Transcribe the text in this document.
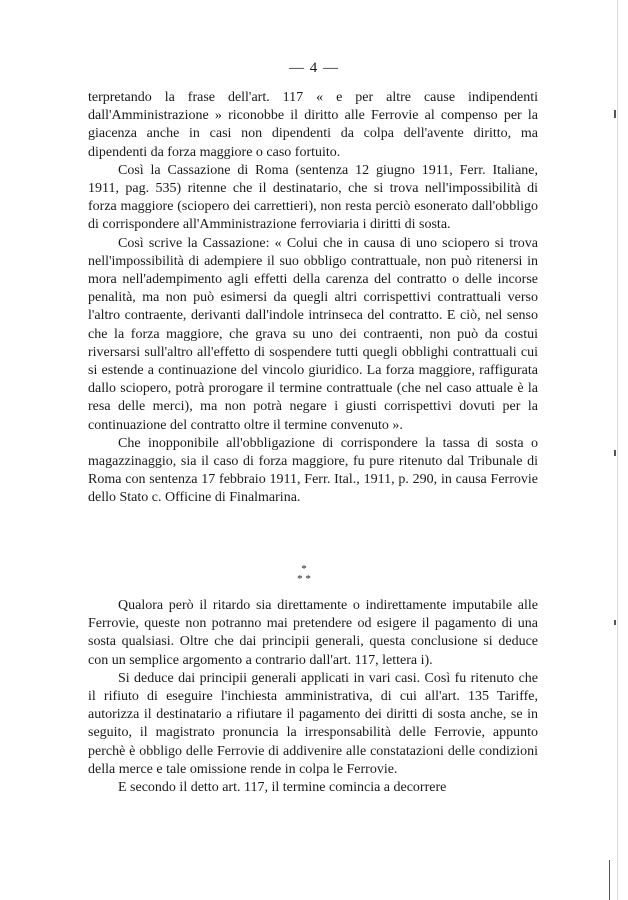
— 4 —

terpretando la frase dell'art. 117 « e per altre cause indipendenti dall'Amministrazione » riconobbe il diritto alle Ferrovie al compenso per la giacenza anche in casi non dipendenti da colpa dell'avente diritto, ma dipendenti da forza maggiore o caso fortuito.

Così la Cassazione di Roma (sentenza 12 giugno 1911, Ferr. Italiane, 1911, pag. 535) ritenne che il destinatario, che si trova nell'impossibilità di forza maggiore (sciopero dei carrettieri), non resta perciò esonerato dall'obbligo di corrispondere all'Amministrazione ferroviaria i diritti di sosta.

Così scrive la Cassazione: « Colui che in causa di uno sciopero si trova nell'impossibilità di adempiere il suo obbligo contrattuale, non può ritenersi in mora nell'adempimento agli effetti della carenza del contratto o delle incorse penalità, ma non può esimersi da quegli altri corrispettivi contrattuali verso l'altro contraente, derivanti dall'indole intrinseca del contratto. E ciò, nel senso che la forza maggiore, che grava su uno dei contraenti, non può da costui riversarsi sull'altro all'effetto di sospendere tutti quegli obblighi contrattuali cui si estende a continuazione del vincolo giuridico. La forza maggiore, raffigurata dallo sciopero, potrà prorogare il termine contrattuale (che nel caso attuale è la resa delle merci), ma non potrà negare i giusti corrispettivi dovuti per la continuazione del contratto oltre il termine convenuto ».

Che inopponibile all'obbligazione di corrispondere la tassa di sosta o magazzinaggio, sia il caso di forza maggiore, fu pure ritenuto dal Tribunale di Roma con sentenza 17 febbraio 1911, Ferr. Ital., 1911, p. 290, in causa Ferrovie dello Stato c. Officine di Finalmarina.

*
* *

Qualora però il ritardo sia direttamente o indirettamente imputabile alle Ferrovie, queste non potranno mai pretendere od esigere il pagamento di una sosta qualsiasi. Oltre che dai principii generali, questa conclusione si deduce con un semplice argomento a contrario dall'art. 117, lettera i).

Si deduce dai principii generali applicati in vari casi. Così fu ritenuto che il rifiuto di eseguire l'inchiesta amministrativa, di cui all'art. 135 Tariffe, autorizza il destinatario a rifiutare il pagamento dei diritti di sosta anche, se in seguito, il magistrato pronuncia la irresponsabilità delle Ferrovie, appunto perchè è obbligo delle Ferrovie di addivenire alle constatazioni delle condizioni della merce e tale omissione rende in colpa le Ferrovie.

E secondo il detto art. 117, il termine comincia a decorrere
